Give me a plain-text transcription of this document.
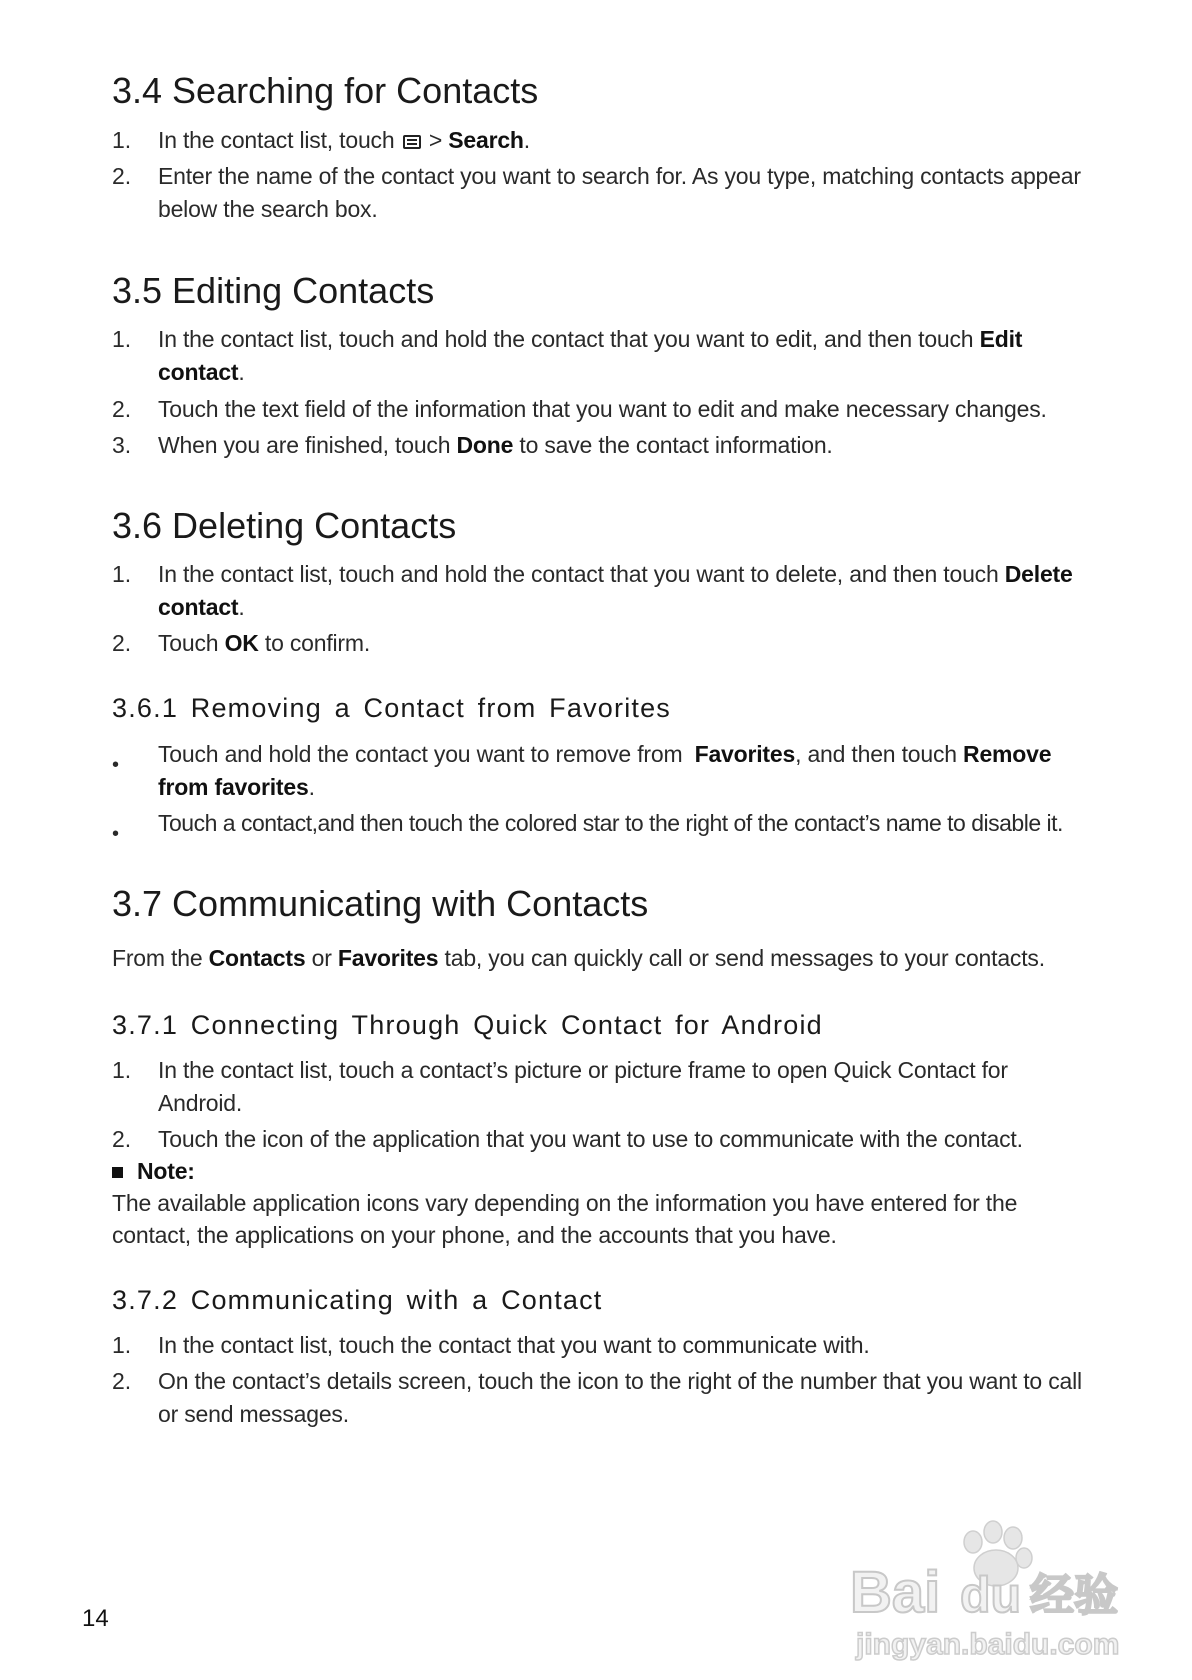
3.4 Searching for Contacts
1. In the contact list, touch  > Search.
2. Enter the name of the contact you want to search for. As you type, matching contacts appear
below the search box.
3.5 Editing Contacts
1. In the contact list, touch and hold the contact that you want to edit, and then touch Edit
contact.
2. Touch the text field of the information that you want to edit and make necessary changes.
3. When you are finished, touch Done to save the contact information.
3.6 Deleting Contacts
1. In the contact list, touch and hold the contact that you want to delete, and then touch Delete
contact.
2. Touch OK to confirm.
3.6.1 Removing a Contact from Favorites
• Touch and hold the contact you want to remove from Favorites, and then touch Remove
from favorites.
• Touch a contact,and then touch the colored star to the right of the contact’s name to disable it.
3.7 Communicating with Contacts
From the Contacts or Favorites tab, you can quickly call or send messages to your contacts.
3.7.1 Connecting Through Quick Contact for Android
1. In the contact list, touch a contact’s picture or picture frame to open Quick Contact for
Android.
2. Touch the icon of the application that you want to use to communicate with the contact.
Note:
The available application icons vary depending on the information you have entered for the
contact, the applications on your phone, and the accounts that you have.
3.7.2 Communicating with a Contact
1. In the contact list, touch the contact that you want to communicate with.
2. On the contact’s details screen, touch the icon to the right of the number that you want to call
or send messages.
14	Bai du 经验
jingyan.baidu.com
